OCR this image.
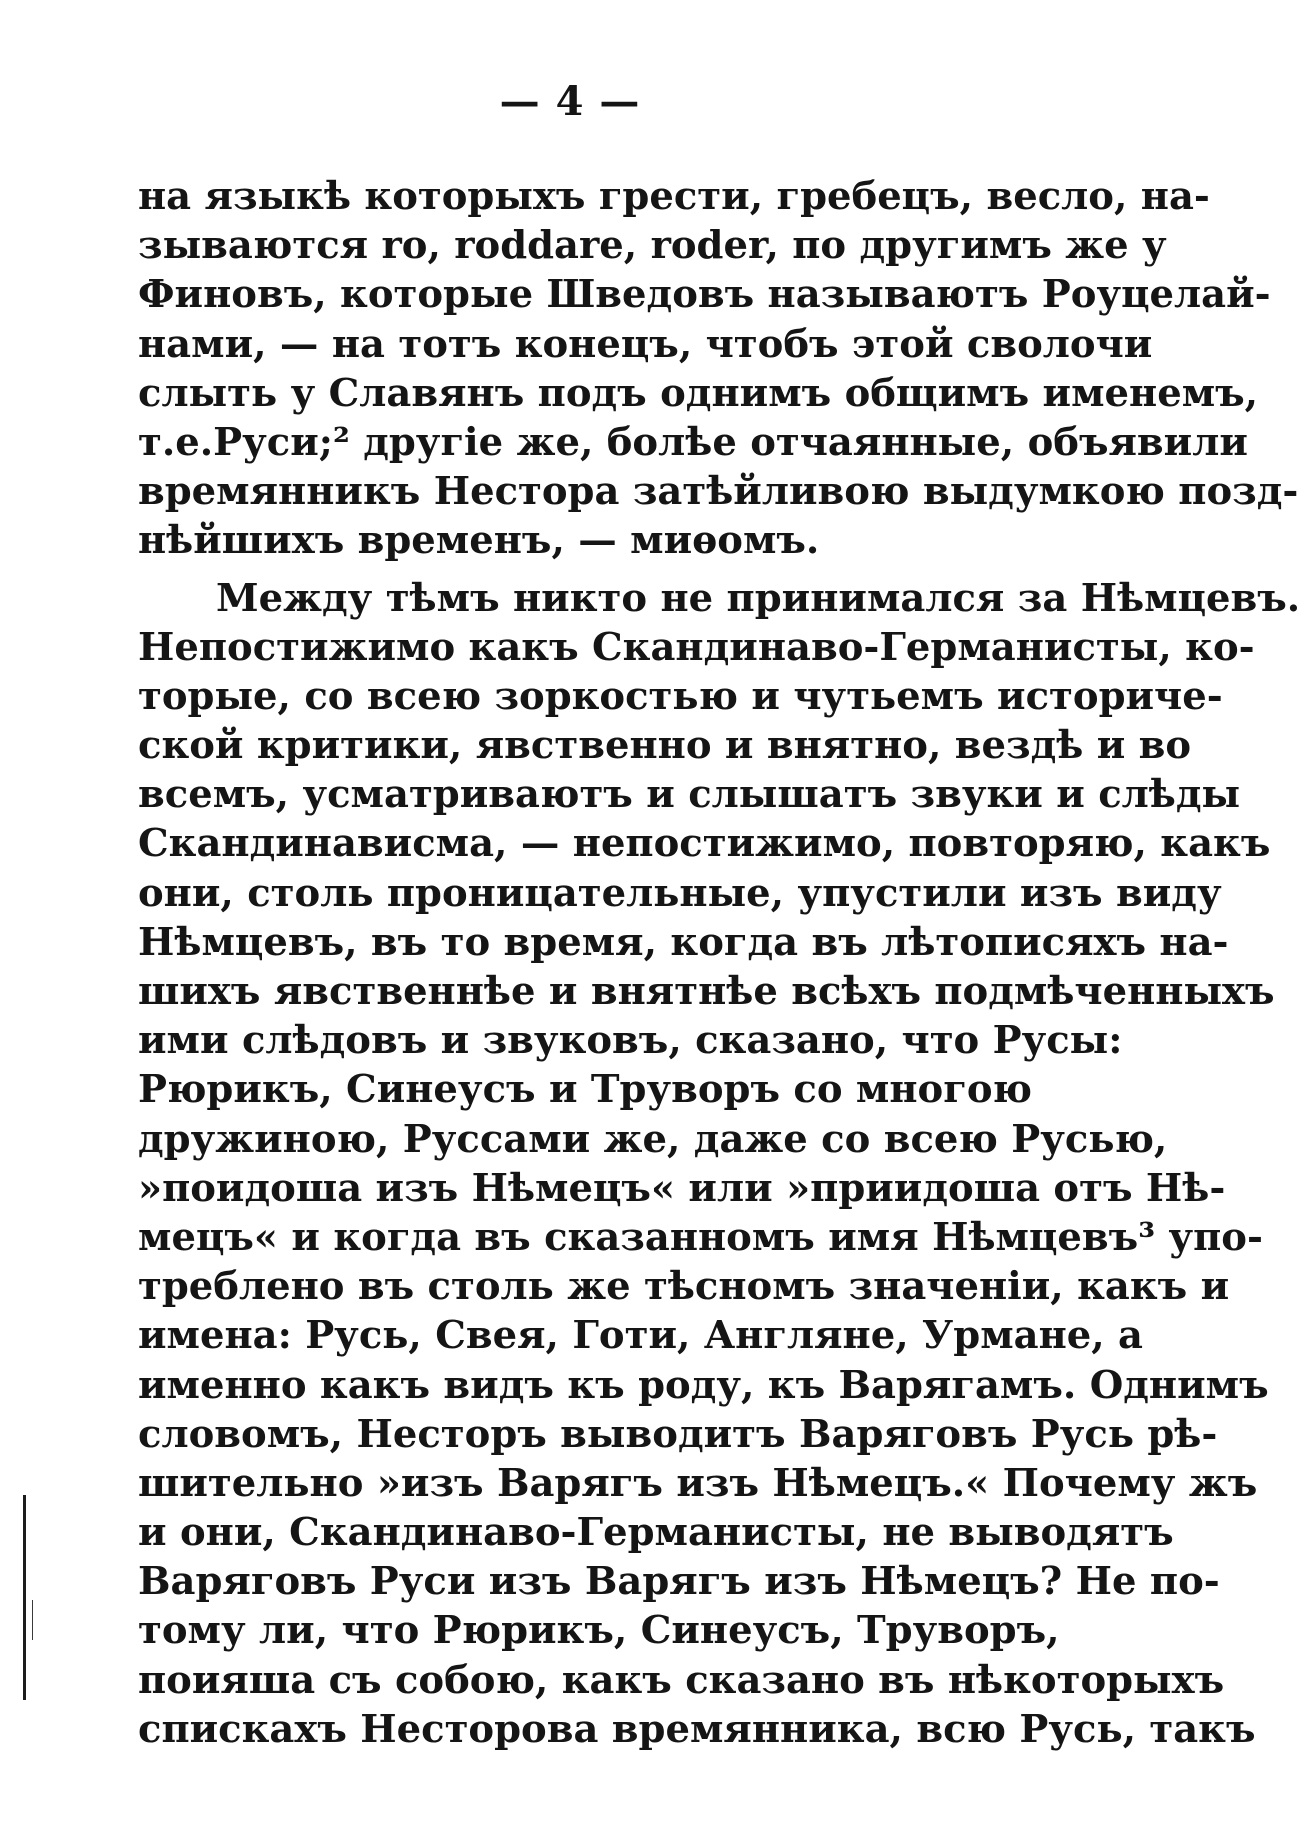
— 4 —
на языкѣ которыхъ грести, гребецъ, весло, на-
зываются ro, roddare, roder, по другимъ же у
Финовъ, которые Шведовъ называютъ Роуцелай-
нами, — на тотъ конецъ, чтобъ этой сволочи
слыть у Славянъ подъ однимъ общимъ именемъ,
т.е.Руси;² другіе же, болѣе отчаянные, объявили
времянникъ Нестора затѣйливою выдумкою позд-
нѣйшихъ временъ, — миѳомъ.
Между тѣмъ никто не принимался за Нѣмцевъ.
Непостижимо какъ Скандинаво-Германисты, ко-
торые, со всею зоркостью и чутьемъ историче-
ской критики, явственно и внятно, вездѣ и во
всемъ, усматриваютъ и слышатъ звуки и слѣды
Скандинависма, — непостижимо, повторяю, какъ
они, столь проницательные, упустили изъ виду
Нѣмцевъ, въ то время, когда въ лѣтописяхъ на-
шихъ явственнѣе и внятнѣе всѣхъ подмѣченныхъ
ими слѣдовъ и звуковъ, сказано, что Русы:
Рюрикъ, Синеусъ и Труворъ со многою
дружиною, Руссами же, даже со всею Русью,
»поидоша изъ Нѣмецъ« или »приидоша отъ Нѣ-
мецъ« и когда въ сказанномъ имя Нѣмцевъ³ упо-
треблено въ столь же тѣсномъ значеніи, какъ и
имена: Русь, Свея, Готи, Англяне, Урмане, а
именно какъ видъ къ роду, къ Варягамъ. Однимъ
словомъ, Несторъ выводитъ Варяговъ Русь рѣ-
шительно »изъ Варягъ изъ Нѣмецъ.« Почему жъ
и они, Скандинаво-Германисты, не выводятъ
Варяговъ Руси изъ Варягъ изъ Нѣмецъ? Не по-
тому ли, что Рюрикъ, Синеусъ, Труворъ,
поияша съ собою, какъ сказано въ нѣкоторыхъ
спискахъ Несторова времянника, всю Русь, такъ
